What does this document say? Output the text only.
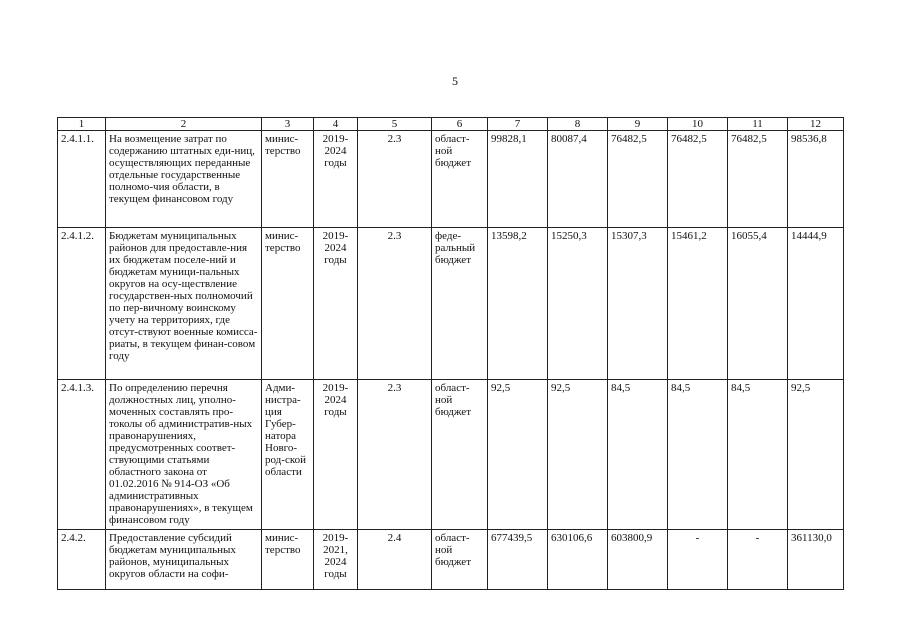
5
1	2	3	4	5	6	7	8	9	10	11	12
2.4.1.1.	На возмещение затрат по содержанию штатных еди-ниц, осуществляющих переданные отдельные государственные полномо-чия области, в текущем финансовом году	минис-терство	2019-2024 годы	2.3	област-ной бюджет	99828,1	80087,4	76482,5	76482,5	76482,5	98536,8
2.4.1.2.	Бюджетам муниципальных районов для предоставле-ния их бюджетам поселе-ний и бюджетам муници-пальных округов на осу-ществление государствен-ных полномочий по пер-вичному воинскому учету на территориях, где отсут-ствуют военные комисса-риаты, в текущем финан-совом году	минис-терство	2019-2024 годы	2.3	феде-ральный бюджет	13598,2	15250,3	15307,3	15461,2	16055,4	14444,9
2.4.1.3.	По определению перечня должностных лиц, уполно-моченных составлять про-токолы об административ-ных правонарушениях, предусмотренных соответ-ствующими статьями областного закона от 01.02.2016 № 914-ОЗ «Об административных правонарушениях», в текущем финансовом году	Адми-нистра-ция Губер-натора Новго-род-ской области	2019-2024 годы	2.3	област-ной бюджет	92,5	92,5	84,5	84,5	84,5	92,5
2.4.2.	Предоставление субсидий бюджетам муниципальных районов, муниципальных округов области на софи-	минис-терство	2019-2021, 2024 годы	2.4	област-ной бюджет	677439,5	630106,6	603800,9	-	-	361130,0
